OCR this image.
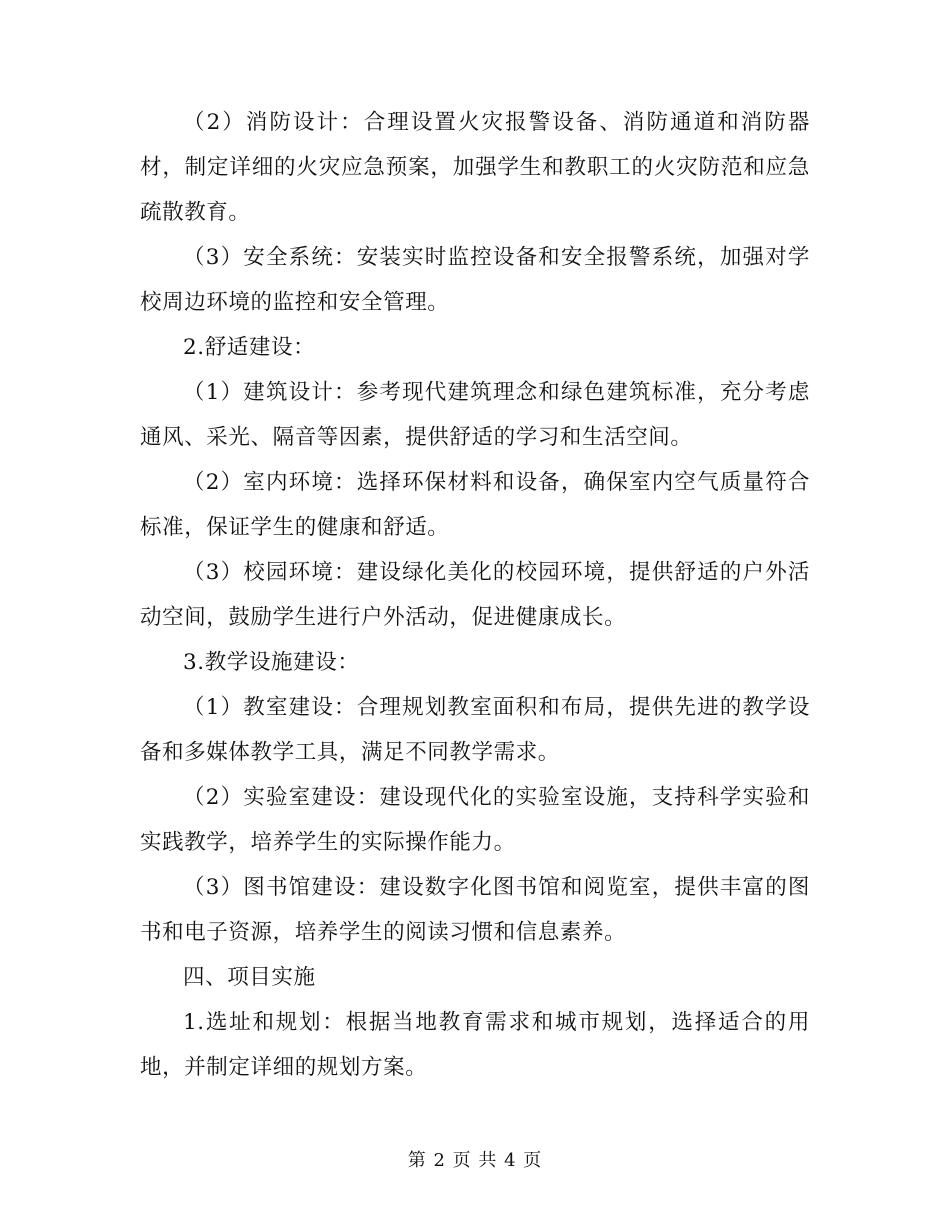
（2）消防设计：合理设置火灾报警设备、消防通道和消防器材，制定详细的火灾应急预案，加强学生和教职工的火灾防范和应急疏散教育。

（3）安全系统：安装实时监控设备和安全报警系统，加强对学校周边环境的监控和安全管理。

2.舒适建设：

（1）建筑设计：参考现代建筑理念和绿色建筑标准，充分考虑通风、采光、隔音等因素，提供舒适的学习和生活空间。

（2）室内环境：选择环保材料和设备，确保室内空气质量符合标准，保证学生的健康和舒适。

（3）校园环境：建设绿化美化的校园环境，提供舒适的户外活动空间，鼓励学生进行户外活动，促进健康成长。

3.教学设施建设：

（1）教室建设：合理规划教室面积和布局，提供先进的教学设备和多媒体教学工具，满足不同教学需求。

（2）实验室建设：建设现代化的实验室设施，支持科学实验和实践教学，培养学生的实际操作能力。

（3）图书馆建设：建设数字化图书馆和阅览室，提供丰富的图书和电子资源，培养学生的阅读习惯和信息素养。

四、项目实施

1.选址和规划：根据当地教育需求和城市规划，选择适合的用地，并制定详细的规划方案。

第 2 页 共 4 页
